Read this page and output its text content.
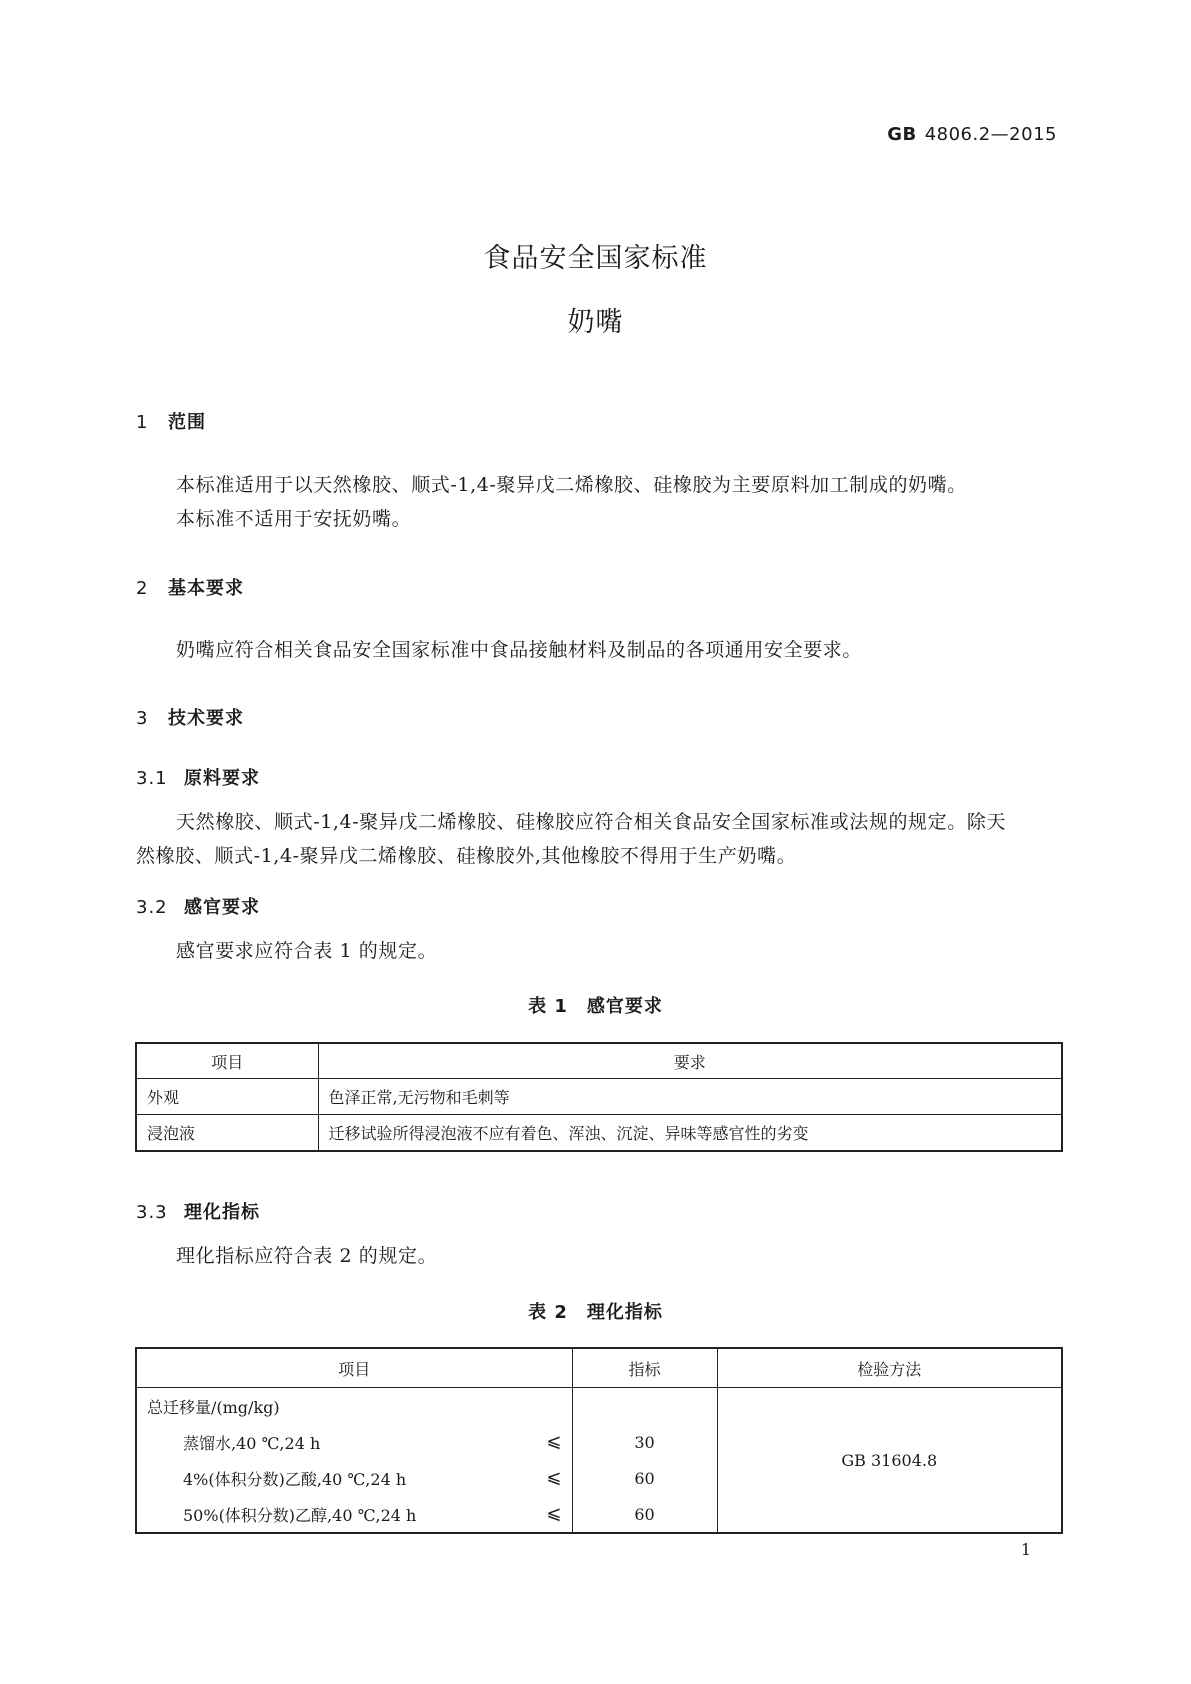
GB 4806.2—2015
食品安全国家标准
奶嘴
1 范围
本标准适用于以天然橡胶、顺式-1,4-聚异戊二烯橡胶、硅橡胶为主要原料加工制成的奶嘴。
本标准不适用于安抚奶嘴。
2 基本要求
奶嘴应符合相关食品安全国家标准中食品接触材料及制品的各项通用安全要求。
3 技术要求
3.1 原料要求
天然橡胶、顺式-1,4-聚异戊二烯橡胶、硅橡胶应符合相关食品安全国家标准或法规的规定。除天
然橡胶、顺式-1,4-聚异戊二烯橡胶、硅橡胶外,其他橡胶不得用于生产奶嘴。
3.2 感官要求
感官要求应符合表 1 的规定。
表 1　感官要求
项目	要求
外观	色泽正常,无污物和毛刺等
浸泡液	迁移试验所得浸泡液不应有着色、浑浊、沉淀、异味等感官性的劣变
3.3 理化指标
理化指标应符合表 2 的规定。
表 2　理化指标
项目	指标	检验方法
总迁移量/(mg/kg)		GB 31604.8
蒸馏水,40 ℃,24 h ⩽	30	
4%(体积分数)乙酸,40 ℃,24 h ⩽	60	
50%(体积分数)乙醇,40 ℃,24 h ⩽	60	
1
